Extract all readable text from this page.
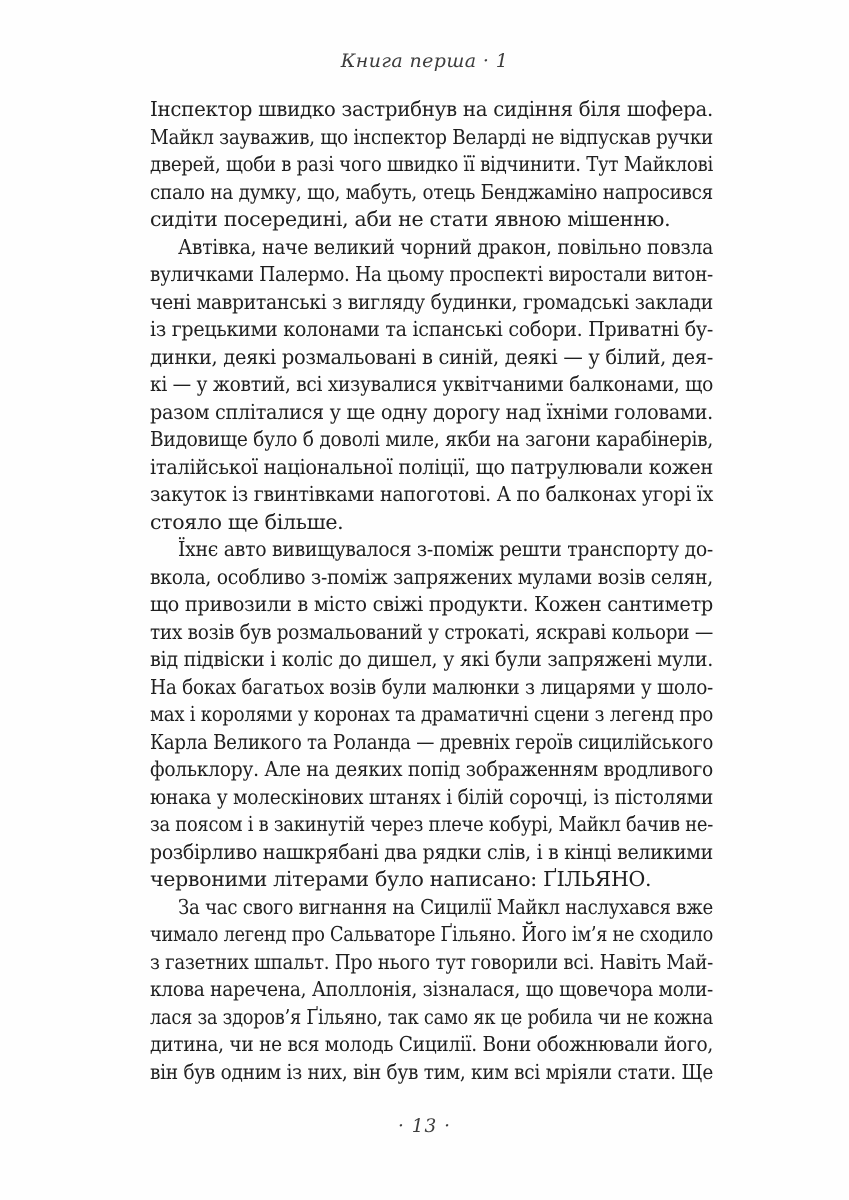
Книга перша · 1
Інспектор швидко застрибнув на сидіння біля шофера.
Майкл зауважив, що інспектор Веларді не відпускав ручки
дверей, щоби в разі чого швидко її відчинити. Тут Майклові
спало на думку, що, мабуть, отець Бенджаміно напросився
сидіти посередині, аби не стати явною мішенню.
Автівка, наче великий чорний дракон, повільно повзла
вуличками Палермо. На цьому проспекті виростали витон-
чені мавританські з вигляду будинки, громадські заклади
із грецькими колонами та іспанські собори. Приватні бу-
динки, деякі розмальовані в синій, деякі — у білий, дея-
кі — у жовтий, всі хизувалися уквітчаними балконами, що
разом спліталися у ще одну дорогу над їхніми головами.
Видовище було б доволі миле, якби на загони карабінерів,
італійської національної поліції, що патрулювали кожен
закуток із гвинтівками напоготові. А по балконах угорі їх
стояло ще більше.
Їхнє авто вивищувалося з-поміж решти транспорту до-
вкола, особливо з-поміж запряжених мулами возів селян,
що привозили в місто свіжі продукти. Кожен сантиметр
тих возів був розмальований у строкаті, яскраві кольори —
від підвіски і коліс до дишел, у які були запряжені мули.
На боках багатьох возів були малюнки з лицарями у шоло-
мах і королями у коронах та драматичні сцени з легенд про
Карла Великого та Роланда — древніх героїв сицилійського
фольклору. Але на деяких попід зображенням вродливого
юнака у молескінових штанях і білій сорочці, із пістолями
за поясом і в закинутій через плече кобурі, Майкл бачив не-
розбірливо нашкрябані два рядки слів, і в кінці великими
червоними літерами було написано: ҐІЛЬЯНО.
За час свого вигнання на Сицилії Майкл наслухався вже
чимало легенд про Сальваторе Ґільяно. Його ім’я не сходило
з газетних шпальт. Про нього тут говорили всі. Навіть Май-
клова наречена, Аполлонія, зізналася, що щовечора моли-
лася за здоров’я Ґільяно, так само як це робила чи не кожна
дитина, чи не вся молодь Сицилії. Вони обожнювали його,
він був одним із них, він був тим, ким всі мріяли стати. Ще
· 13 ·
